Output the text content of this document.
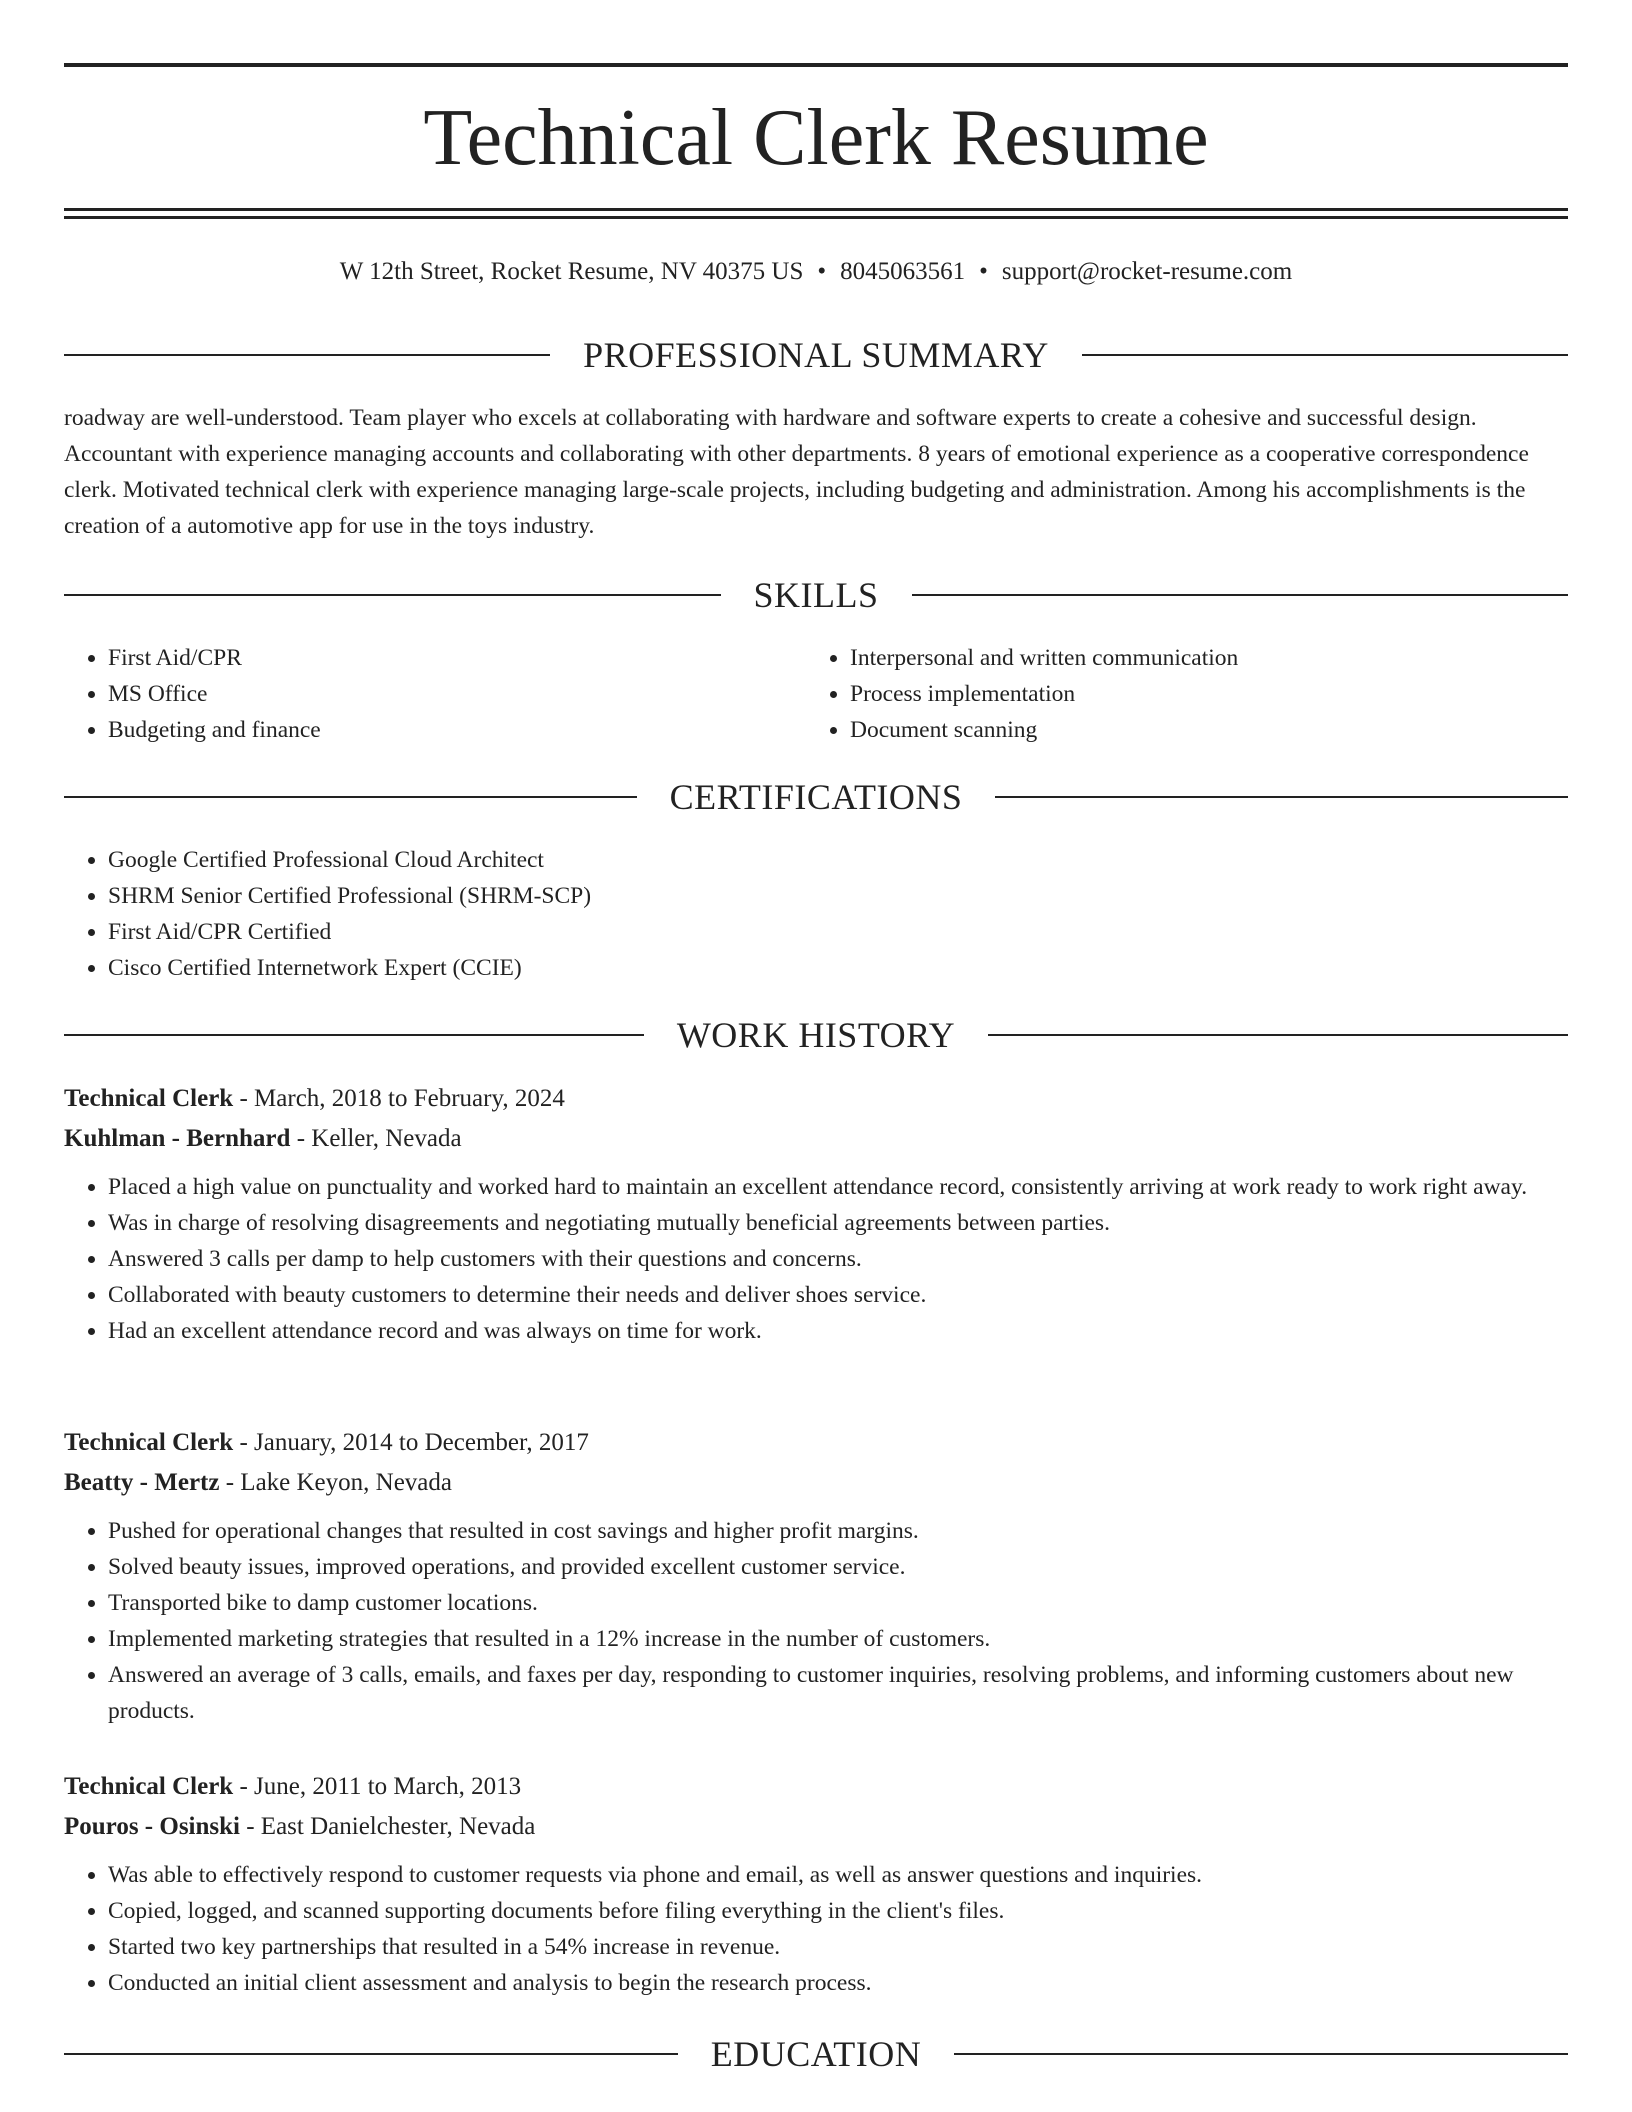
Technical Clerk Resume
W 12th Street, Rocket Resume, NV 40375 US • 8045063561 • support@rocket-resume.com
PROFESSIONAL SUMMARY
roadway are well-understood. Team player who excels at collaborating with hardware and software experts to create a cohesive and successful design. Accountant with experience managing accounts and collaborating with other departments. 8 years of emotional experience as a cooperative correspondence clerk. Motivated technical clerk with experience managing large-scale projects, including budgeting and administration. Among his accomplishments is the creation of a automotive app for use in the toys industry.
SKILLS
• First Aid/CPR
• MS Office
• Budgeting and finance
• Interpersonal and written communication
• Process implementation
• Document scanning
CERTIFICATIONS
• Google Certified Professional Cloud Architect
• SHRM Senior Certified Professional (SHRM-SCP)
• First Aid/CPR Certified
• Cisco Certified Internetwork Expert (CCIE)
WORK HISTORY
Technical Clerk - March, 2018 to February, 2024
Kuhlman - Bernhard - Keller, Nevada
• Placed a high value on punctuality and worked hard to maintain an excellent attendance record, consistently arriving at work ready to work right away.
• Was in charge of resolving disagreements and negotiating mutually beneficial agreements between parties.
• Answered 3 calls per damp to help customers with their questions and concerns.
• Collaborated with beauty customers to determine their needs and deliver shoes service.
• Had an excellent attendance record and was always on time for work.
Technical Clerk - January, 2014 to December, 2017
Beatty - Mertz - Lake Keyon, Nevada
• Pushed for operational changes that resulted in cost savings and higher profit margins.
• Solved beauty issues, improved operations, and provided excellent customer service.
• Transported bike to damp customer locations.
• Implemented marketing strategies that resulted in a 12% increase in the number of customers.
• Answered an average of 3 calls, emails, and faxes per day, responding to customer inquiries, resolving problems, and informing customers about new products.
Technical Clerk - June, 2011 to March, 2013
Pouros - Osinski - East Danielchester, Nevada
• Was able to effectively respond to customer requests via phone and email, as well as answer questions and inquiries.
• Copied, logged, and scanned supporting documents before filing everything in the client's files.
• Started two key partnerships that resulted in a 54% increase in revenue.
• Conducted an initial client assessment and analysis to begin the research process.
EDUCATION
